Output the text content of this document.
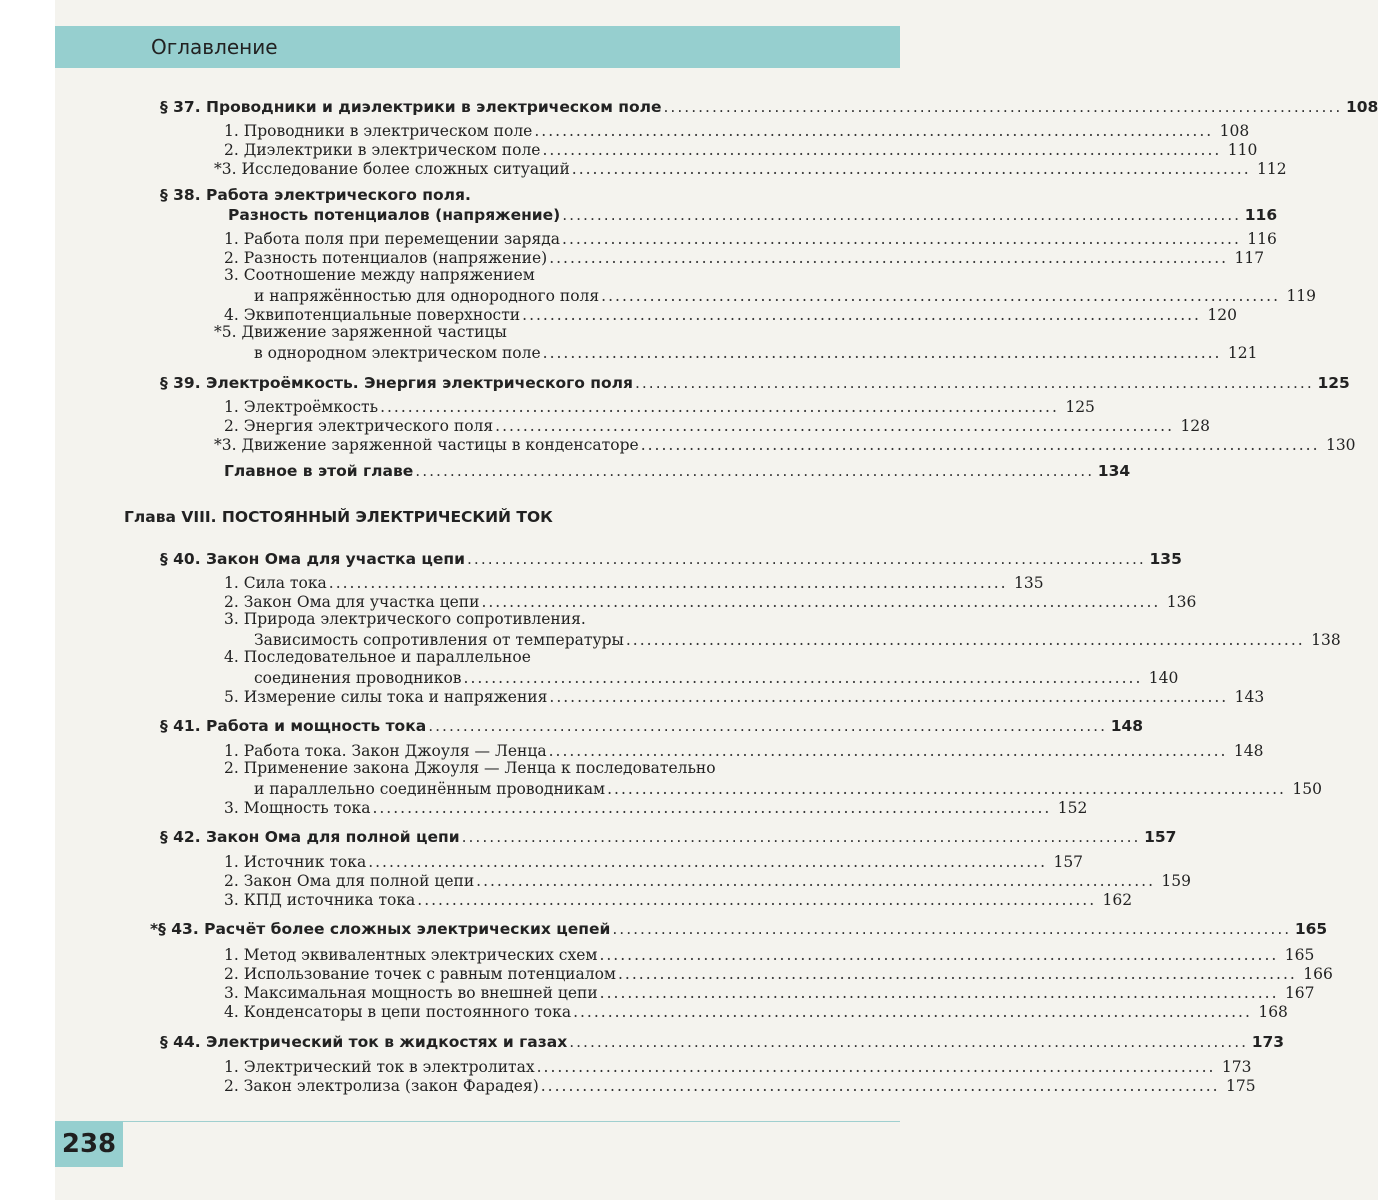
Оглавление
§ 37. Проводники и диэлектрики в электрическом поле .................................................................................................. 108
1. Проводники в электрическом поле .................................................................................................. 108
2. Диэлектрики в электрическом поле .................................................................................................. 110
*3. Исследование более сложных ситуаций .................................................................................................. 112
§ 38. Работа электрического поля.
Разность потенциалов (напряжение) .................................................................................................. 116
1. Работа поля при перемещении заряда .................................................................................................. 116
2. Разность потенциалов (напряжение) .................................................................................................. 117
3. Соотношение между напряжением
и напряжённостью для однородного поля .................................................................................................. 119
4. Эквипотенциальные поверхности .................................................................................................. 120
*5. Движение заряженной частицы
в однородном электрическом поле .................................................................................................. 121
§ 39. Электроёмкость. Энергия электрического поля .................................................................................................. 125
1. Электроёмкость .................................................................................................. 125
2. Энергия электрического поля .................................................................................................. 128
*3. Движение заряженной частицы в конденсаторе .................................................................................................. 130
Главное в этой главе .................................................................................................. 134
Глава VIII. ПОСТОЯННЫЙ ЭЛЕКТРИЧЕСКИЙ ТОК
§ 40. Закон Ома для участка цепи .................................................................................................. 135
1. Сила тока .................................................................................................. 135
2. Закон Ома для участка цепи .................................................................................................. 136
3. Природа электрического сопротивления.
Зависимость сопротивления от температуры .................................................................................................. 138
4. Последовательное и параллельное
соединения проводников .................................................................................................. 140
5. Измерение силы тока и напряжения .................................................................................................. 143
§ 41. Работа и мощность тока .................................................................................................. 148
1. Работа тока. Закон Джоуля — Ленца .................................................................................................. 148
2. Применение закона Джоуля — Ленца к последовательно
и параллельно соединённым проводникам .................................................................................................. 150
3. Мощность тока .................................................................................................. 152
§ 42. Закон Ома для полной цепи .................................................................................................. 157
1. Источник тока .................................................................................................. 157
2. Закон Ома для полной цепи .................................................................................................. 159
3. КПД источника тока .................................................................................................. 162
*§ 43. Расчёт более сложных электрических цепей .................................................................................................. 165
1. Метод эквивалентных электрических схем .................................................................................................. 165
2. Использование точек с равным потенциалом .................................................................................................. 166
3. Максимальная мощность во внешней цепи .................................................................................................. 167
4. Конденсаторы в цепи постоянного тока .................................................................................................. 168
§ 44. Электрический ток в жидкостях и газах .................................................................................................. 173
1. Электрический ток в электролитах .................................................................................................. 173
2. Закон электролиза (закон Фарадея) .................................................................................................. 175
238
